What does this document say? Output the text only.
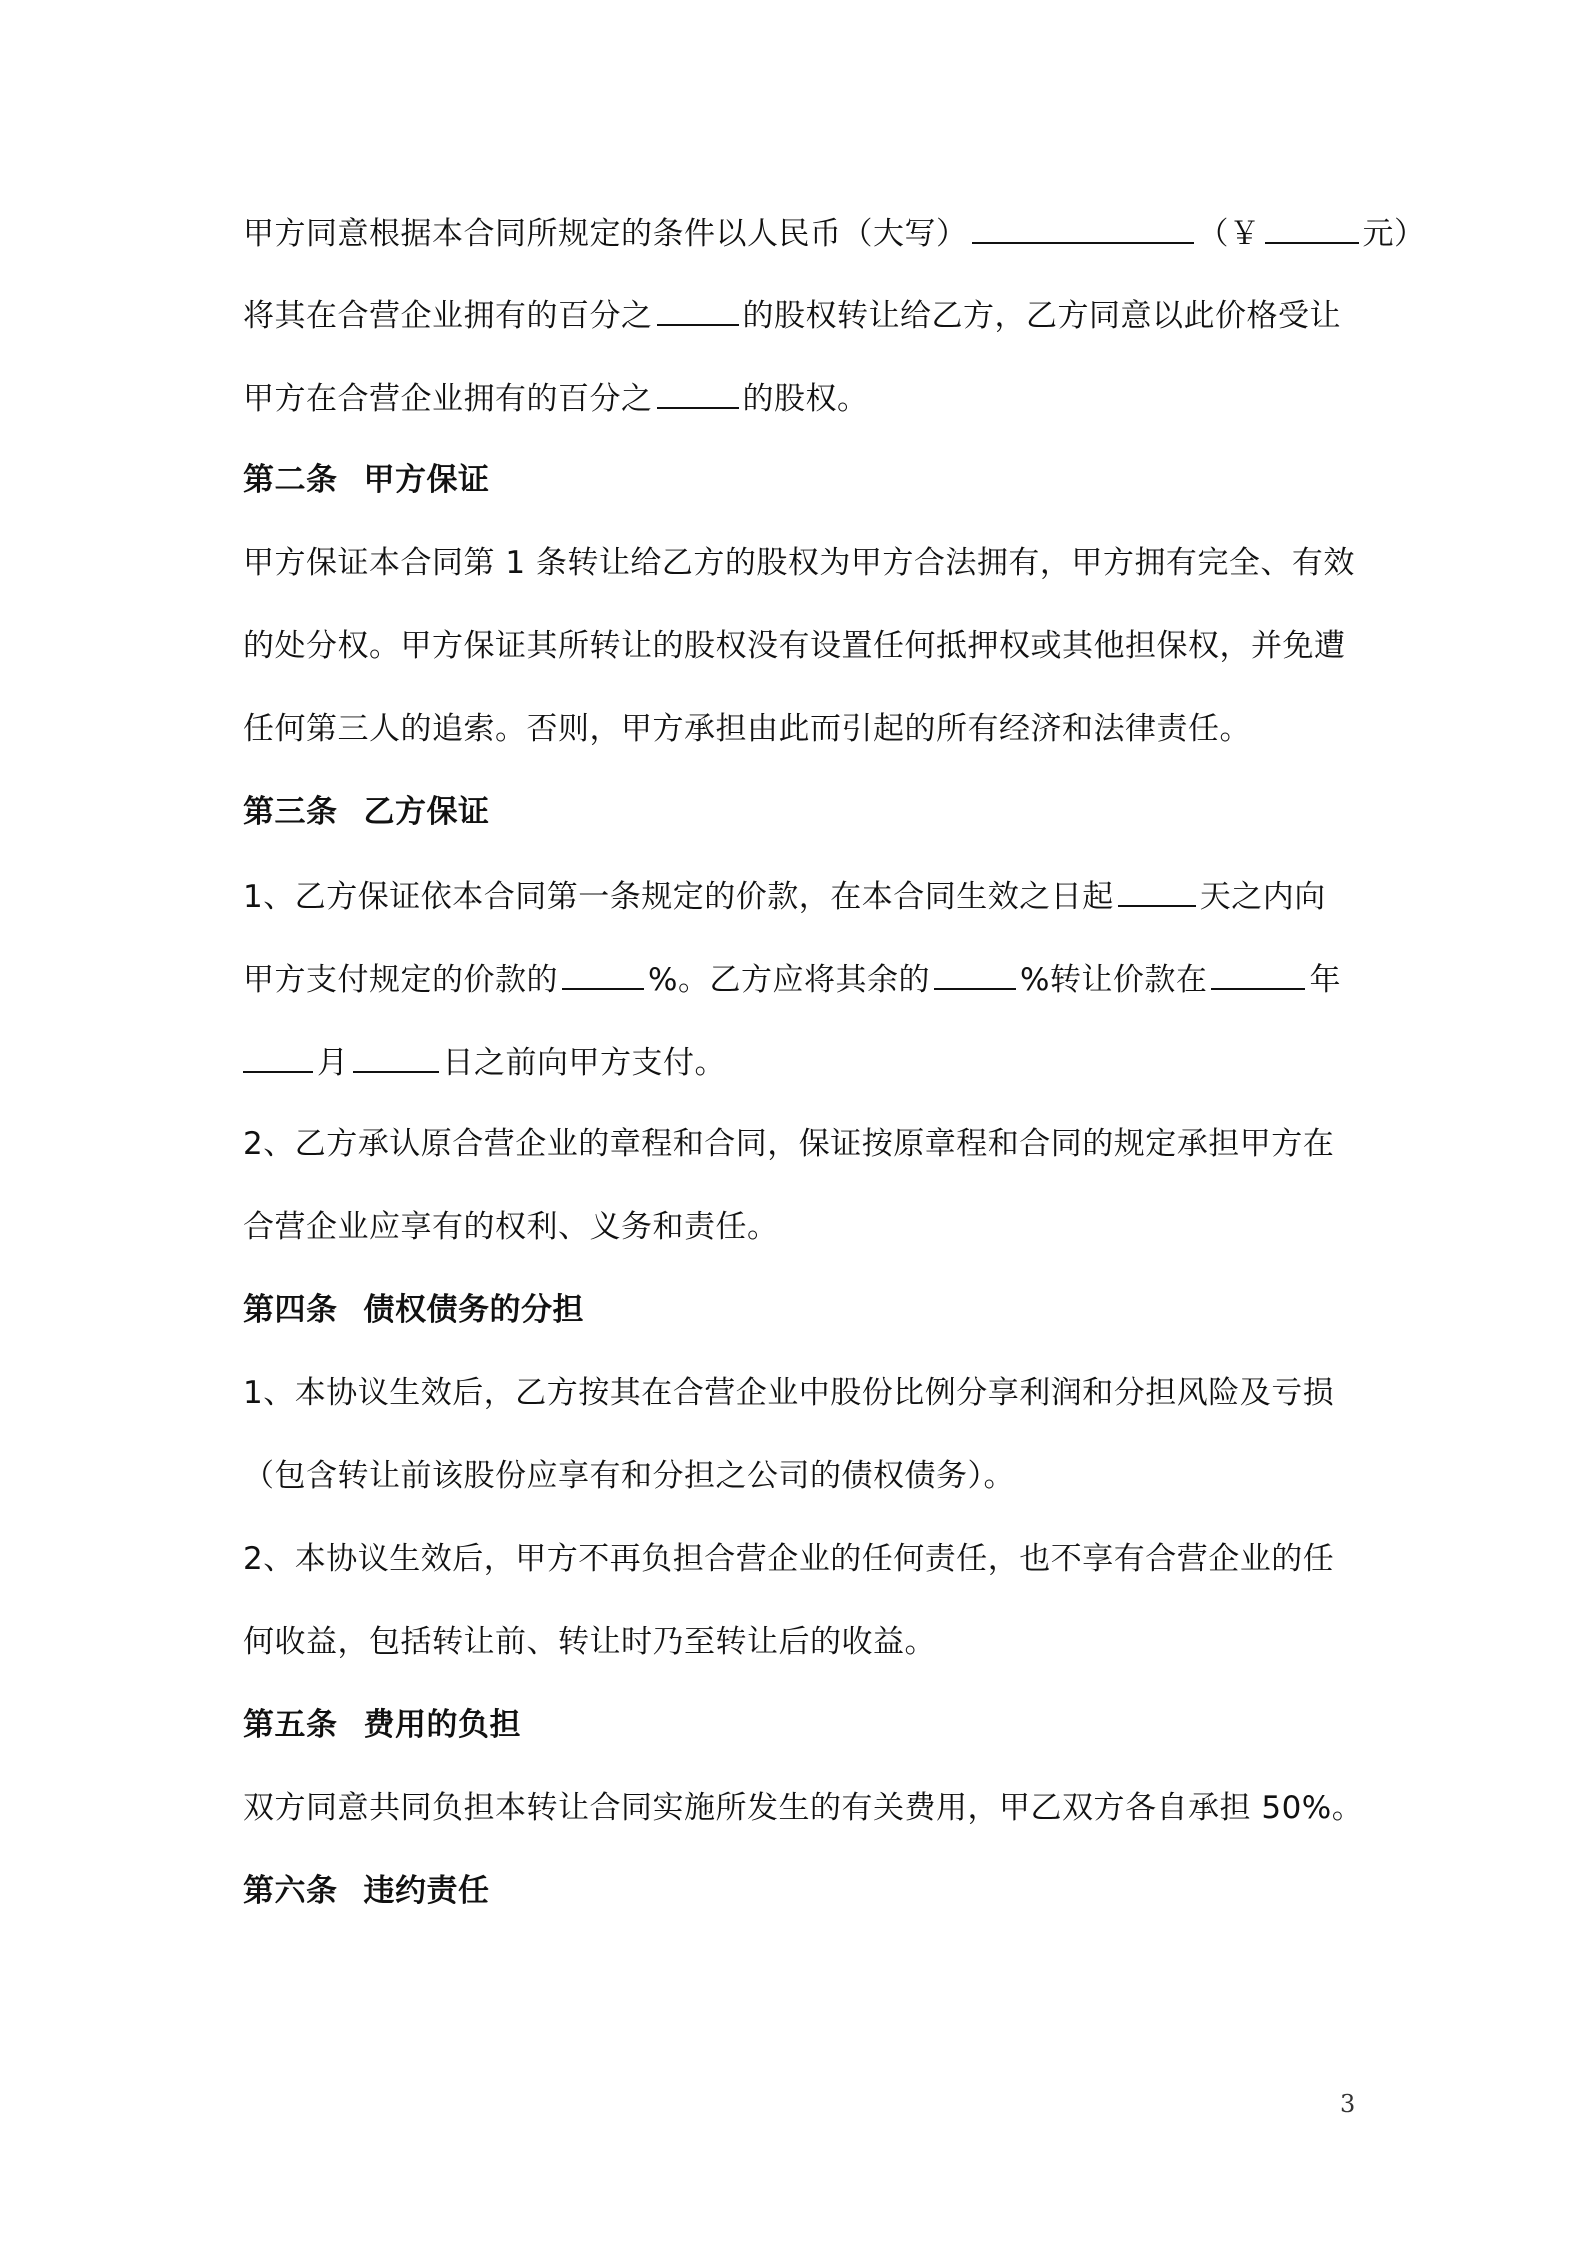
甲方同意根据本合同所规定的条件以人民币（大写）	（￥	元）
将其在合营企业拥有的百分之	的股权转让给乙方，乙方同意以此价格受让
甲方在合营企业拥有的百分之	的股权。
第二条 甲方保证
甲方保证本合同第 1 条转让给乙方的股权为甲方合法拥有，甲方拥有完全、有效
的处分权。甲方保证其所转让的股权没有设置任何抵押权或其他担保权，并免遭
任何第三人的追索。否则，甲方承担由此而引起的所有经济和法律责任。
第三条 乙方保证
1、乙方保证依本合同第一条规定的价款，在本合同生效之日起	天之内向
甲方支付规定的价款的	%。乙方应将其余的	%转让价款在	年
月	日之前向甲方支付。
2、乙方承认原合营企业的章程和合同，保证按原章程和合同的规定承担甲方在
合营企业应享有的权利、义务和责任。
第四条 债权债务的分担
1、本协议生效后，乙方按其在合营企业中股份比例分享利润和分担风险及亏损
（包含转让前该股份应享有和分担之公司的债权债务）。
2、本协议生效后，甲方不再负担合营企业的任何责任，也不享有合营企业的任
何收益，包括转让前、转让时乃至转让后的收益。
第五条 费用的负担
双方同意共同负担本转让合同实施所发生的有关费用，甲乙双方各自承担 50%。
第六条 违约责任
3
